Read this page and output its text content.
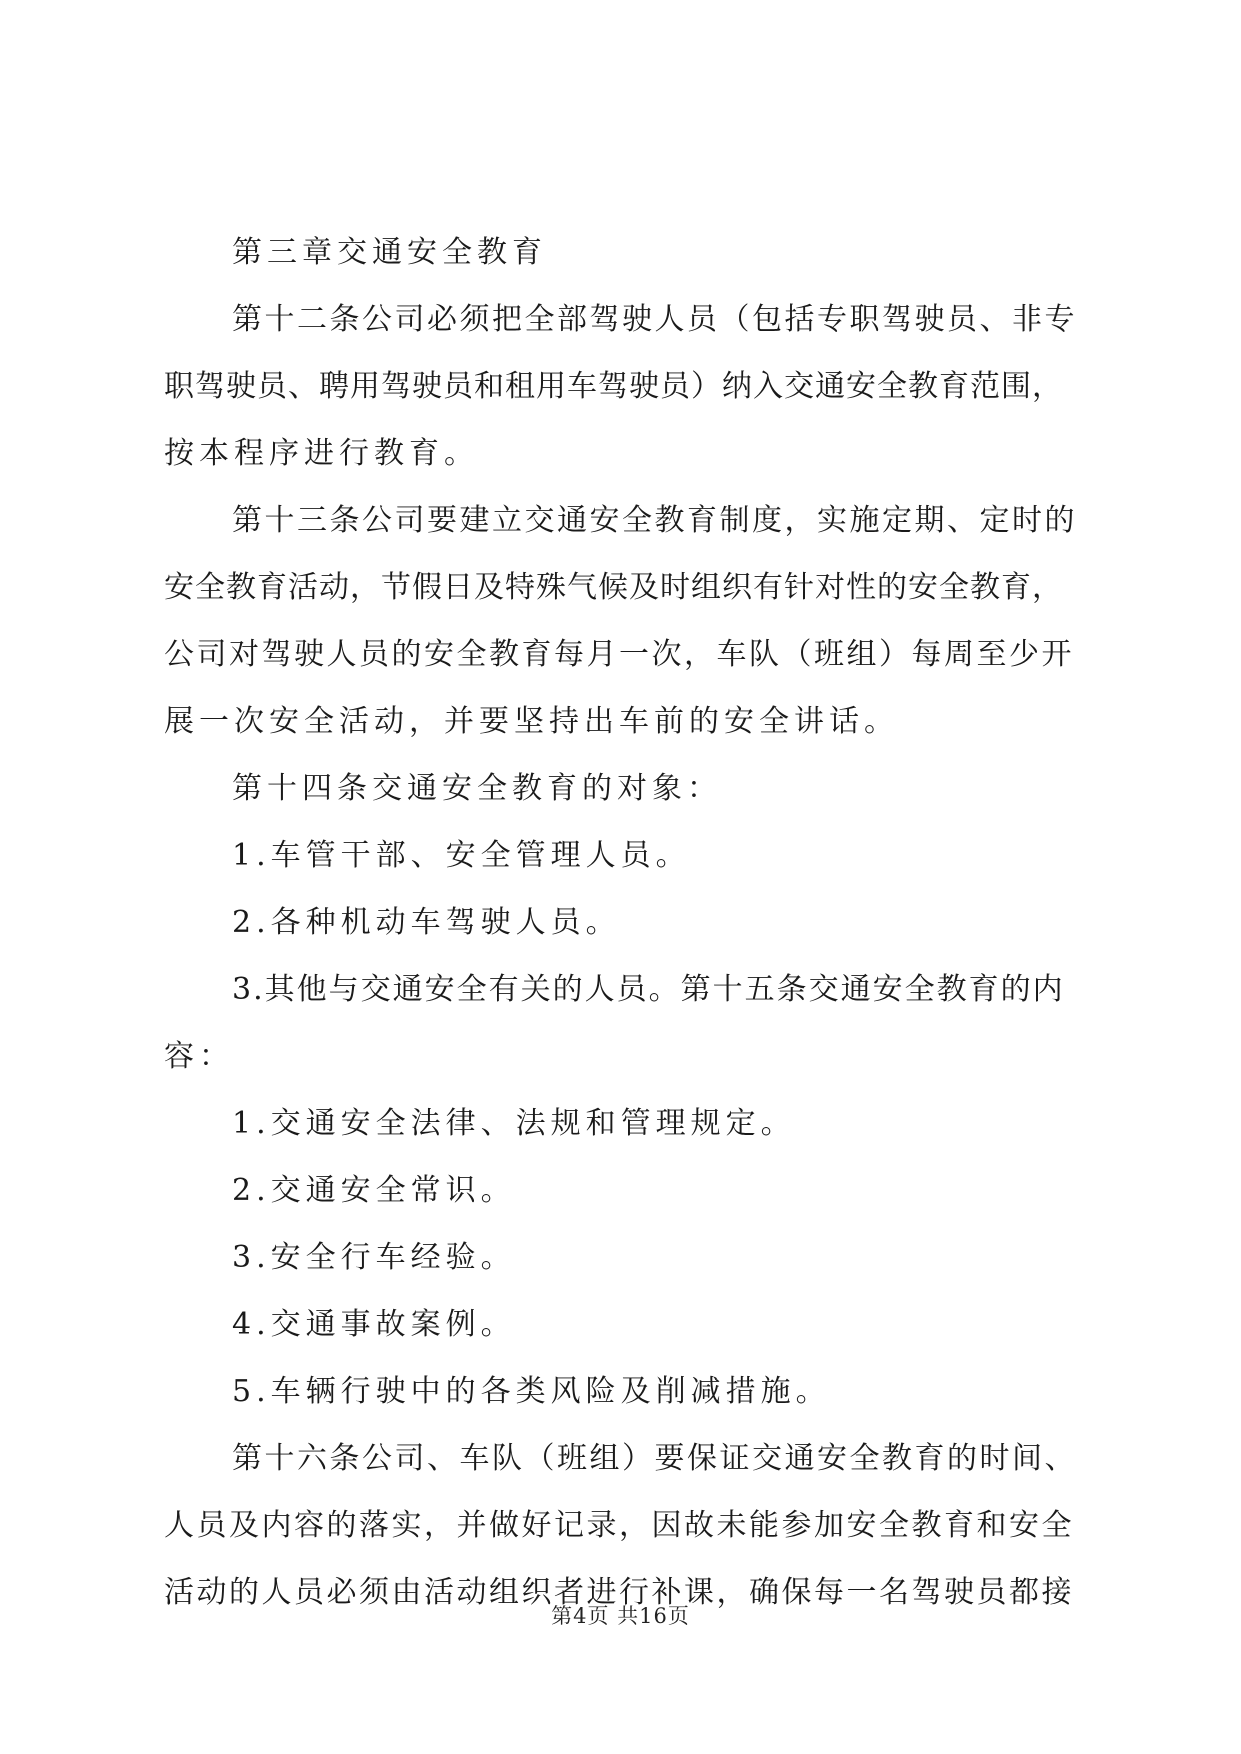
第三章交通安全教育

第十二条公司必须把全部驾驶人员（包括专职驾驶员、非专

职驾驶员、聘用驾驶员和租用车驾驶员）纳入交通安全教育范围，

按本程序进行教育。

第十三条公司要建立交通安全教育制度，实施定期、定时的

安全教育活动，节假日及特殊气候及时组织有针对性的安全教育，

公司对驾驶人员的安全教育每月一次，车队（班组）每周至少开

展一次安全活动，并要坚持出车前的安全讲话。

第十四条交通安全教育的对象：

1.车管干部、安全管理人员。

2.各种机动车驾驶人员。

3.其他与交通安全有关的人员。第十五条交通安全教育的内

容：

1.交通安全法律、法规和管理规定。

2.交通安全常识。

3.安全行车经验。

4.交通事故案例。

5.车辆行驶中的各类风险及削减措施。

第十六条公司、车队（班组）要保证交通安全教育的时间、

人员及内容的落实，并做好记录，因故未能参加安全教育和安全

活动的人员必须由活动组织者进行补课，确保每一名驾驶员都接

第4页 共16页
